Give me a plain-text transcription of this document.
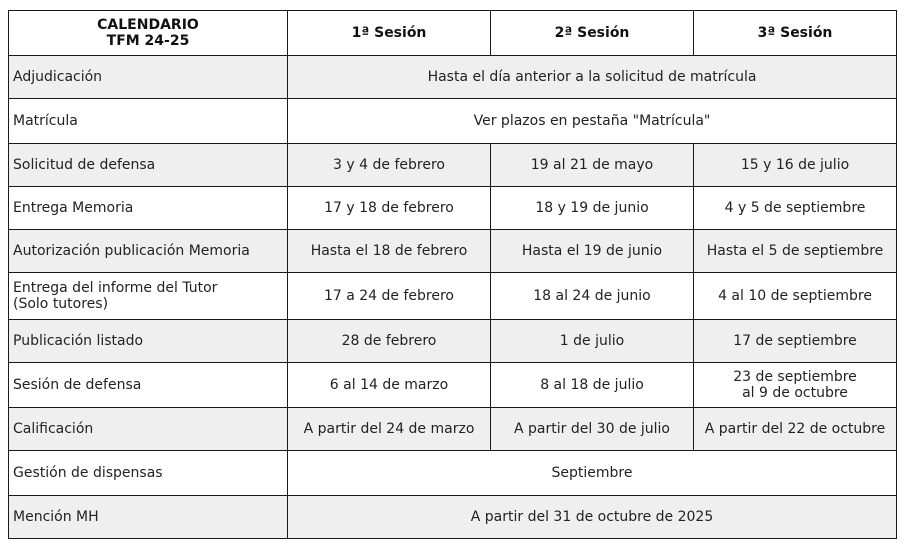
CALENDARIO
TFM 24-25	1ª Sesión	2ª Sesión	3ª Sesión
Adjudicación	Hasta el día anterior a la solicitud de matrícula		
Matrícula	Ver plazos en pestaña "Matrícula"		
Solicitud de defensa	3 y 4 de febrero	19 al 21 de mayo	15 y 16 de julio
Entrega Memoria	17 y 18 de febrero	18 y 19 de junio	4 y 5 de septiembre
Autorización publicación Memoria	Hasta el 18 de febrero	Hasta el 19 de junio	Hasta el 5 de septiembre

Entrega del informe del Tutor
(Solo tutores)	17 a 24 de febrero	18 al 24 de junio	4 al 10 de septiembre
Publicación listado	28 de febrero	1 de julio	17 de septiembre
Sesión de defensa	6 al 14 de marzo	8 al 18 de julio	23 de septiembre
al 9 de octubre

Calificación	A partir del 24 de marzo	A partir del 30 de julio	A partir del 22 de octubre
Gestión de dispensas	Septiembre		
Mención MH	A partir del 31 de octubre de 2025		
